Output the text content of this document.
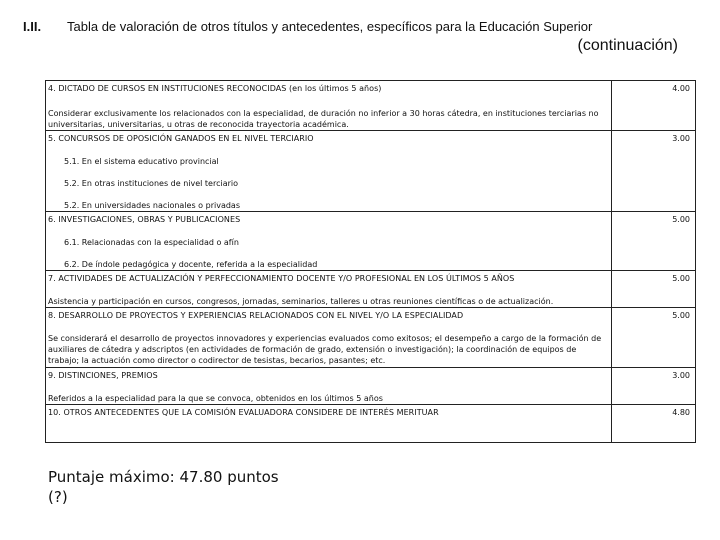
I.II. Tabla de valoración de otros títulos y antecedentes, específicos para la Educación Superior
(continuación)
4. DICTADO DE CURSOS EN INSTITUCIONES RECONOCIDAS (en los últimos 5 años)
Considerar exclusivamente los relacionados con la especialidad, de duración no inferior a 30 horas cátedra, en instituciones terciarias no universitarias, universitarias, u otras de reconocida trayectoria académica.	4.00

5. CONCURSOS DE OPOSICIÓN GANADOS EN EL NIVEL TERCIARIO
5.1. En el sistema educativo provincial
5.2. En otras instituciones de nivel terciario
5.2. En universidades nacionales o privadas	3.00

6. INVESTIGACIONES, OBRAS Y PUBLICACIONES
6.1. Relacionadas con la especialidad o afín
6.2. De índole pedagógica y docente, referida a la especialidad	5.00

7. ACTIVIDADES DE ACTUALIZACIÓN Y PERFECCIONAMIENTO DOCENTE Y/O PROFESIONAL EN LOS ÚLTIMOS 5 AÑOS
Asistencia y participación en cursos, congresos, jornadas, seminarios, talleres u otras reuniones científicas o de actualización.	5.00

8. DESARROLLO DE PROYECTOS Y EXPERIENCIAS RELACIONADOS CON EL NIVEL Y/O LA ESPECIALIDAD
Se considerará el desarrollo de proyectos innovadores y experiencias evaluados como exitosos; el desempeño a cargo de la formación de auxiliares de cátedra y adscriptos (en actividades de formación de grado, extensión o investigación); la coordinación de equipos de trabajo; la actuación como director o codirector de tesistas, becarios, pasantes; etc.	5.00

9. DISTINCIONES, PREMIOS
Referidos a la especialidad para la que se convoca, obtenidos en los últimos 5 años	3.00

10. OTROS ANTECEDENTES QUE LA COMISIÓN EVALUADORA CONSIDERE DE INTERÉS MERITUAR	4.80
Puntaje máximo: 47.80 puntos
(?)
